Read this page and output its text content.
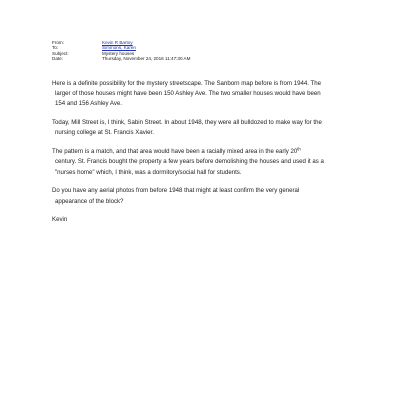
From:	Kevin R Bartoy
To:	Simmons, Karen
Subject:	Mystery houses
Date:	Thursday, November 24, 2016 11:47:30 AM

Here is a definite possibility for the mystery streetscape. The Sanborn map before is from 1944. The
larger of those houses might have been 150 Ashley Ave. The two smaller houses would have been
154 and 156 Ashley Ave.

Today, Mill Street is, I think, Sabin Street. In about 1948, they were all bulldozed to make way for the
nursing college at St. Francis Xavier.

The pattern is a match, and that area would have been a racially mixed area in the early 20th
century. St. Francis bought the property a few years before demolishing the houses and used it as a
"nurses home" which, I think, was a dormitory/social hall for students.

Do you have any aerial photos from before 1948 that might at least confirm the very general
appearance of the block?

Kevin
